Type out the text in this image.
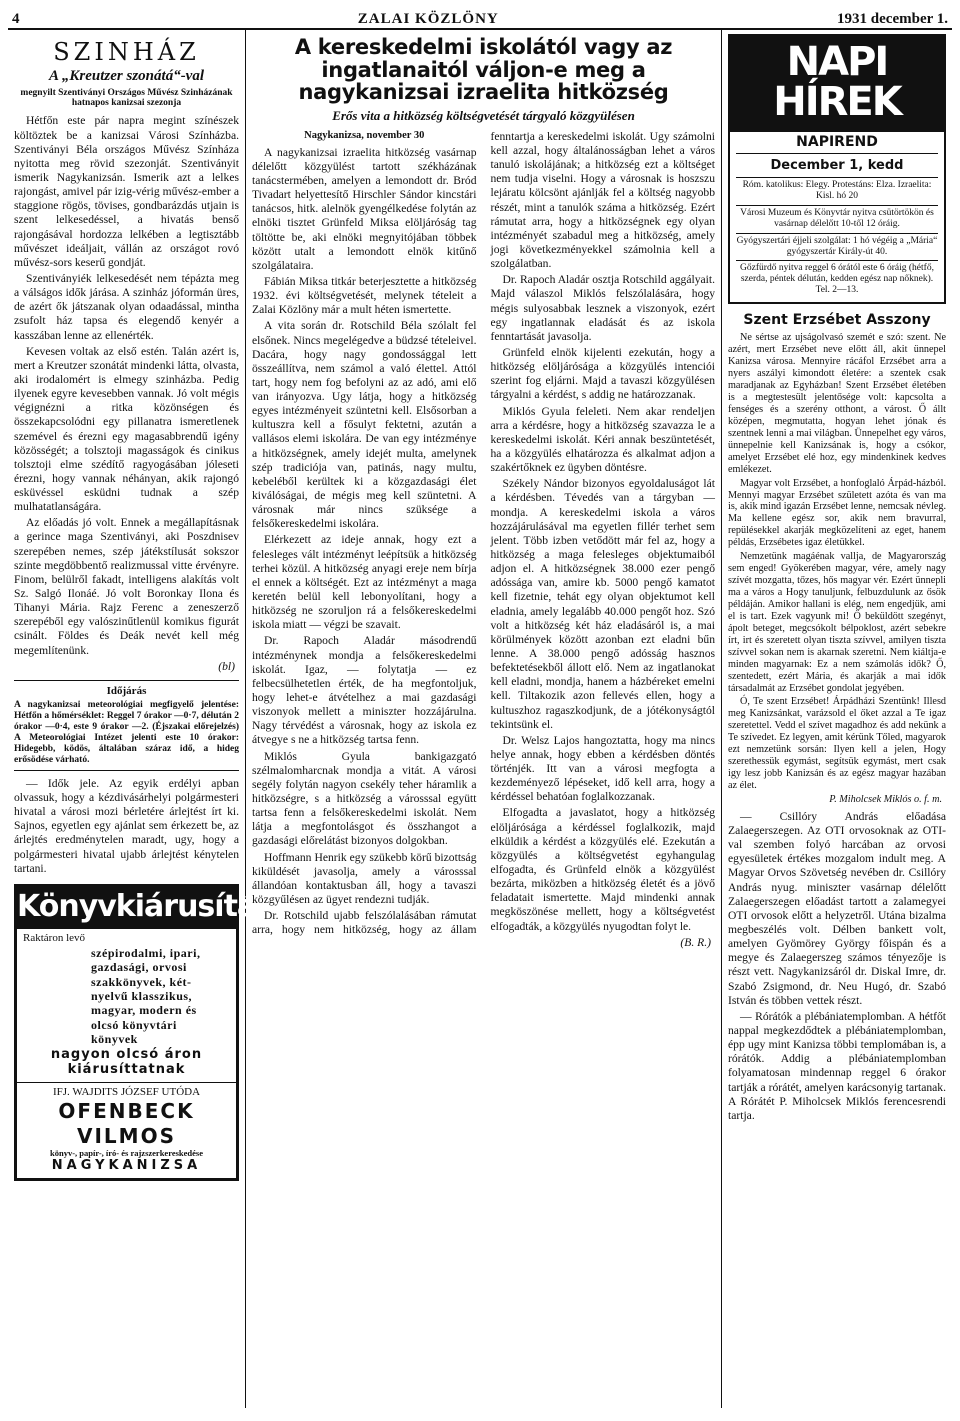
4	ZALAI KÖZLÖNY	1931 december 1.
SZINHÁZ
A „Kreutzer szonátá“-val
megnyilt Szentiványi Országos Művész Szinházának hatnapos kanizsai szezonja

Hétfőn este pár napra megint színészek költöztek be a kanizsai Városi Színházba. Szentiványi Béla országos Művész Színháza nyitotta meg rövid szezonját. Szentiványit ismerik Nagykanizsán. Ismerik azt a lelkes rajongást, amivel pár izig-vérig művész-ember a staggione rögös, tövises, gondbarázdás utjain is szent lelkesedéssel, a hivatás benső rajongásával hordozza lelkében a legtisztább művészet ideáljait, vállán az országot rovó művész-sors keserű gondját.

Szentiványiék lelkesedését nem tépázta meg a válságos idők járása. A szinház jóformán üres, de azért ők játszanak olyan odaadással, mintha zsufolt ház tapsa és elegendő kenyér a kasszában lenne az ellenérték.

Kevesen voltak az első estén. Talán azért is, mert a Kreutzer szonátát mindenki látta, olvasta, aki irodalomért is elmegy szinházba. Pedig ilyenek egyre kevesebben vannak. Jó volt mégis végignézni a ritka közönségen és összekapcsolódni egy pillanatra ismeretlenek szemével és érezni egy magasabbrendű igény közösségét; a tolsztoji magasságok és cinikus tolsztoji elme szédítő ragyogásában jóleseti érezni, hogy vannak néhányan, akik rajongó esküvéssel esküdni tudnak a szép mulhatatlanságára.

Az előadás jó volt. Ennek a megállapításnak a gerince maga Szentiványi, aki Poszdnisev szerepében nemes, szép játékstílusát sokszor szinte megdöbbentő realizmussal vitte érvényre. Finom, belülről fakadt, intelligens alakítás volt Sz. Salgó Ilonáé. Jó volt Boronkay Ilona és Tihanyi Mária. Rajz Ferenc a zeneszerző szerepéből egy valószinűtlenül komikus figurát csinált. Földes és Deák nevét kell még megemlítenünk.

(bl)
Időjárás
A nagykanizsai meteorológiai megfigyelő jelentése: Hétfőn a hőmérséklet: Reggel 7 órakor —0·7, délután 2 órakor —0·4, este 9 órakor —2. (Éjszakai előrejelzés) A Meteorológiai Intézet jelenti este 10 órakor: Hidegebb, ködös, általában száraz idő, a hideg erősödése várható.

— Idők jele. Az egyik erdélyi apban olvassuk, hogy a kézdivásárhelyi polgármesteri hivatal a városi mozi bérletére árlejtést írt ki. Sajnos, egyetlen egy ajánlat sem érkezett be, az árlejtés eredménytelen maradt, ugy, hogy a polgármesteri hivatal ujabb árlejtést kénytelen tartani.

Könyvkiárusítás.
Raktáron levő
szépirodalmi, ipari,
gazdasági, orvosi
szakkönyvek, két-
nyelvű klasszikus,
magyar, modern és
olcsó könyvtári
könyvek
nagyon olcsó áron
kiárusíttatnak
IFJ. WAJDITS JÓZSEF UTÓDA
OFENBECK VILMOS
könyv-, papír-, író- és rajzszerkereskedése
NAGYKANIZSA
A kereskedelmi iskolától vagy az ingatlanaitól váljon-e meg a nagykanizsai izraelita hitközség
Erős vita a hitközség költségvetését tárgyaló közgyülésen
Nagykanizsa, november 30

A nagykanizsai izraelita hitközség vasárnap délelőtt közgyülést tartott székházának tanácstermében, amelyen a lemondott dr. Bród Tivadart helyettesítő Hirschler Sándor kincstári tanácsos, hitk. alelnök gyengélkedése folytán az elnöki tisztet Grünfeld Miksa elöljáróság tag töltötte be, aki elnöki megnyitójában többek között utalt a lemondott elnök kitűnő szolgálataira.

Fábián Miksa titkár beterjesztette a hitközség 1932. évi költségvetését, melynek tételeit a Zalai Közlöny már a mult héten ismertette.

A vita során dr. Rotschild Béla szólalt fel elsőnek. Nincs megelégedve a büdzsé tételeivel. Dacára, hogy nagy gondossággal lett összeállítva, nem számol a való élettel. Attól tart, hogy nem fog befolyni az az adó, ami elő van irányozva. Ugy látja, hogy a hitközség egyes intézményeit szüntetni kell. Elsősorban a kultuszra kell a fősulyt fektetni, azután a vallásos elemi iskolára. De van egy intézménye a hitközségnek, amely idejét multa, amelynek szép tradiciója van, patinás, nagy multu, kebeléből kerültek ki a közgazdasági élet kiválóságai, de mégis meg kell szüntetni. A városnak már nincs szüksége a felsőkereskedelmi iskolára.

Elérkezett az ideje annak, hogy ezt a felesleges vált intézményt leépítsük a hitközség terhei közül. A hitközség anyagi ereje nem bírja el ennek a költségét. Ezt az intézményt a maga keretén belül kell lebonyolítani, hogy a hitközség ne szoruljon rá a felsőkereskedelmi iskola miatt — végzi be szavait.

Dr. Rapoch Aladár másodrendű intézménynek mondja a felsőkereskedelmi iskolát. Igaz, — folytatja — ez felbecsülhetetlen érték, de ha megfontoljuk, hogy lehet-e átvételhez a mai gazdasági viszonyok mellett a miniszter hozzájárulna. Nagy térvédést a városnak, hogy az iskola ez átvegye s ne a hitközség tartsa fenn.

Miklós Gyula bankigazgató szélmalomharcnak mondja a vitát. A városi segély folytán nagyon csekély teher háramlik a hitközségre, s a hitközség a városssal együtt tartsa fenn a felsőkereskedelmi iskolát. Nem látja a megfontolásgot és összhangot a gazdasági előrelátást bizonyos dolgokban.

Hoffmann Henrik egy szükebb körű bizottság kiküldését javasolja, amely a városssal állandóan kontaktusban áll, hogy a tavaszi közgyűlésen az ügyet rendezni tudják.

Dr. Rotschild ujabb felszólalásában rámutat arra, hogy nem hitközség, hogy az állam fenntartja a kereskedelmi iskolát. Ugy számolni kell azzal, hogy általánosságban lehet a város tanuló iskolájának; a hitközség ezt a költséget nem tudja viselni. Hogy a városnak is hoszszu lejáratu kölcsönt ajánlják fel a költség nagyobb részét, mint a tanulók száma a hitközség. Ezért rámutat arra, hogy a hitközségnek egy olyan intézményét szabadul meg a hitközség, amely jogi következményekkel számolnia kell a szolgálatban.

Dr. Rapoch Aladár osztja Rotschild aggályait. Majd válaszol Miklós felszólalására, hogy mégis sulyosabbak lesznek a viszonyok, ezért egy ingatlannak eladását és az iskola fenntartását javasolja.

Grünfeld elnök kijelenti ezekután, hogy a hitközség elöljárósága a közgyülés intenciói szerint fog eljárni. Majd a tavaszi közgyülésen tárgyalni a kérdést, s addig ne határozzanak.

Miklós Gyula feleleti. Nem akar rendeljen arra a kérdésre, hogy a hitközség szavazza le a kereskedelmi iskolát. Kéri annak beszüntetését, ha a közgyülés elhatározza és alkalmat adjon a szakértőknek ez ügyben döntésre.

Székely Nándor bizonyos egyoldaluságot lát a kérdésben. Tévedés van a tárgyban — mondja. A kereskedelmi iskola a város hozzájárulásával ma egyetlen fillér terhet sem jelent. Több izben vetődött már fel az, hogy a hitközség a maga felesleges objektumaiból adjon el. A hitközségnek 38.000 ezer pengő adóssága van, amire kb. 5000 pengő kamatot kell fizetnie, tehát egy olyan objektumot kell eladnia, amely legalább 40.000 pengőt hoz. Szó volt a hitközség két ház eladásáról is, a mai körülmények között azonban ezt eladni bűn lenne. A 38.000 pengő adósság hasznos befektetésekből állott elő. Nem az ingatlanokat kell eladni, mondja, hanem a házbéreket emelni kell. Tiltakozik azon fellevés ellen, hogy a kultuszhoz ragaszkodjunk, de a jótékonyságtól tekintsünk el.

Dr. Welsz Lajos hangoztatta, hogy ma nincs helye annak, hogy ebben a kérdésben döntés történjék. Itt van a városi megfogta a kezdeményező lépéseket, idő kell arra, hogy a kérdéssel behatóan foglalkozzanak.

Elfogadta a javaslatot, hogy a hitközség elöljárósága a kérdéssel foglalkozik, majd elküldik a kérdést a közgyülés elé. Ezekután a közgyülés a költségvetést egyhangulag elfogadta, és Grünfeld elnök a közgyülést bezárta, miközben a hitközség életét és a jövő feladatait ismertette. Majd mindenki annak megköszönése mellett, hogy a költségvetést elfogadták, a közgyülés nyugodtan folyt le.

(B. R.)
NAPI HÍREK
NAPIREND
December 1, kedd
Róm. katolikus: Elegy. Protestáns: Elza. Izraelita: Kisl. hó 20
Városi Muzeum és Könyvtár nyitva csütörtökön és vasárnap délelőtt 10-től 12 óráig.
Gyógyszertári éjjeli szolgálat: 1 hó végéig a „Mária“ gyógyszertár Király-út 40.
Gőzfürdő nyitva reggel 6 órától este 6 óráig (hétfő, szerda, péntek délután, kedden egész nap nőknek). Tel. 2—13.
Szent Erzsébet Asszony

Ne sértse az ujságolvasó szemét e szó: szent. Ne azért, mert Erzsébet neve előtt áll, akit ünnepel Kanizsa városa. Mennyire rácáfol Erzsébet arra a nyers aszályi kimondott életére: a szentek csak maradjanak az Egyházban! Szent Erzsébet életében is a megtestesült jelentősége volt: kapcsolta a fenséges és a szerény otthont, a várost. Ő állt középen, megmutatta, hogyan lehet jónak és szentnek lenni a mai világban. Ünnepelhet egy város, ünnepelnie kell Kanizsának is, hogy a csókor, amelyet Erzsébet elé hoz, egy mindenkinek kedves emlékezet.

Magyar volt Erzsébet, a honfoglaló Árpád-házból. Mennyi magyar Erzsébet született azóta és van ma is, akik mind igazán Erzsébet lenne, nemcsak névleg. Ma kellene egész sor, akik nem bravurral, repülésekkel akarják megközelíteni az eget, hanem példás, Erzsébetes igaz életükkel.

Nemzetünk magáénak vallja, de Magyarország sem enged! Gyökerében magyar, vére, amely nagy szívét mozgatta, tőzes, hős magyar vér. Ezért ünnepli ma a város a Hogy tanuljunk, felbuzdulunk az ősök példáján. Amikor hallani is elég, nem engedjük, ami el is tart. Ezek vagyunk mi! Ő beküldött szegényt, ápolt beteget, megcsókolt bélpoklost, azért sebekre írt, irt és szeretett olyan tiszta szívvel, amilyen tiszta szívvel sokan nem is akarnak szeretni. Nem kiáltja-e minden magyarnak: Ez a nem számolás idők? Ő, szentedett, ezért Mária, és akarják a mai idők társadalmát az Erzsébet gondolat jegyében.

Ó, Te szent Erzsébet! Árpádházi Szentünk! Illesd meg Kanizsánkat, varázsold el őket azzal a Te igaz szeretettel. Vedd el szívet magadhoz és add nekünk a Te szívedet. Ez legyen, amit kérünk Tőled, magyarok ezt nemzetünk sorsán: Ilyen kell a jelen, Hogy szerethessük egymást, segítsük egymást, mert csak igy lesz jobb Kanizsán és az egész magyar hazában az élet.

P. Miholcsek Miklós o. f. m.

— Csillóry András előadása Zalaegerszegen. Az OTI orvosoknak az OTI-val szemben folyó harcában az orvosi egyesületek értékes mozgalom indult meg. A Magyar Orvos Szövetség nevében dr. Csillóry András nyug. miniszter vasárnap délelőtt Zalaegerszegen előadást tartott a zalamegyei OTI orvosok előtt a helyzetről. Utána bizalma megbeszélés volt. Délben bankett volt, amelyen Gyömörey György főispán és a megye és Zalaegerszeg számos tényezője is részt vett. Nagykanizsáról dr. Diskal Imre, dr. Szabó Zsigmond, dr. Neu Hugó, dr. Szabó István és többen vettek részt.

— Rórátók a plébániatemplomban. A hétfőt nappal megkezdődtek a plébániatemplomban, épp ugy mint Kanizsa többi templomában is, a rórátók. Addig a plébániatemplomban folyamatosan mindennap reggel 6 órakor tartják a rórátét, amelyen karácsonyig tartanak. A Rórátét P. Miholcsek Miklós ferencesrendi tartja.
